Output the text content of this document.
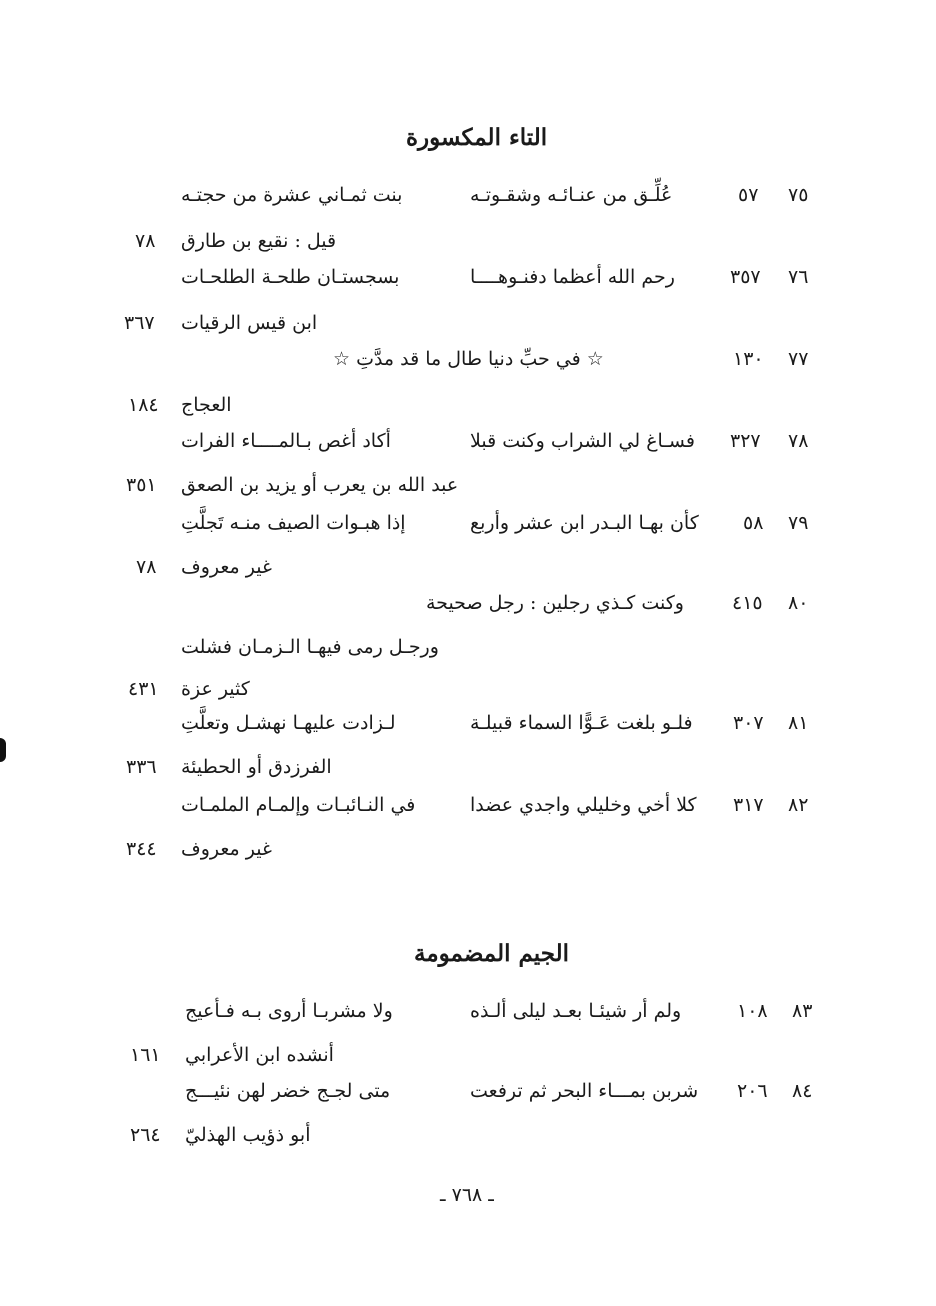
التاء المكسورة
٧٥
٥٧
عُلِّـق من عنـائـه وشقـوتـه
بنت ثمـاني عشرة من حجتـه
قيل : نقيع بن طارق
٧٨
٧٦
٣٥٧
رحم الله أعظما دفنـوهــــا
بسجستـان طلحـة الطلحـات
ابن قيس الرقيات
٣٦٧
٧٧
١٣٠
☆ في حبِّ دنيا طال ما قد مدَّتِ ☆
العجاج
١٨٤
٧٨
٣٢٧
فسـاغ لي الشراب وكنت قبلا
أكاد أغص بـالمــــاء الفرات
عبد الله بن يعرب أو يزيد بن الصعق
٣٥١
٧٩
٥٨
كأن بهـا البـدر ابن عشر وأربع
إذا هبـوات الصيف منـه تَجلَّتِ
غير معروف
٧٨
٨٠
٤١٥
وكنت كـذي رجلين : رجل صحيحة
ورجـل رمى فيهـا الـزمـان فشلت
كثير عزة
٤٣١
٨١
٣٠٧
فلـو بلغت عَـوًّا السماء قبيلـة
لـزادت عليهـا نهشـل وتعلَّتِ
الفرزدق أو الحطيئة
٣٣٦
٨٢
٣١٧
كلا أخي وخليلي واجدي عضدا
في النـائبـات وإلمـام الملمـات
غير معروف
٣٤٤
الجيم المضمومة
٨٣
١٠٨
ولم أر شيئـا بعـد ليلى ألـذه
ولا مشربـا أروى بـه فـأعيج
أنشده ابن الأعرابي
١٦١
٨٤
٢٠٦
شربن بمـــاء البحر ثم ترفعت
متى لجـج خضر لهن نئيـــج
أبو ذؤيب الهذليّ
٢٦٤
ـ ٧٦٨ ـ
